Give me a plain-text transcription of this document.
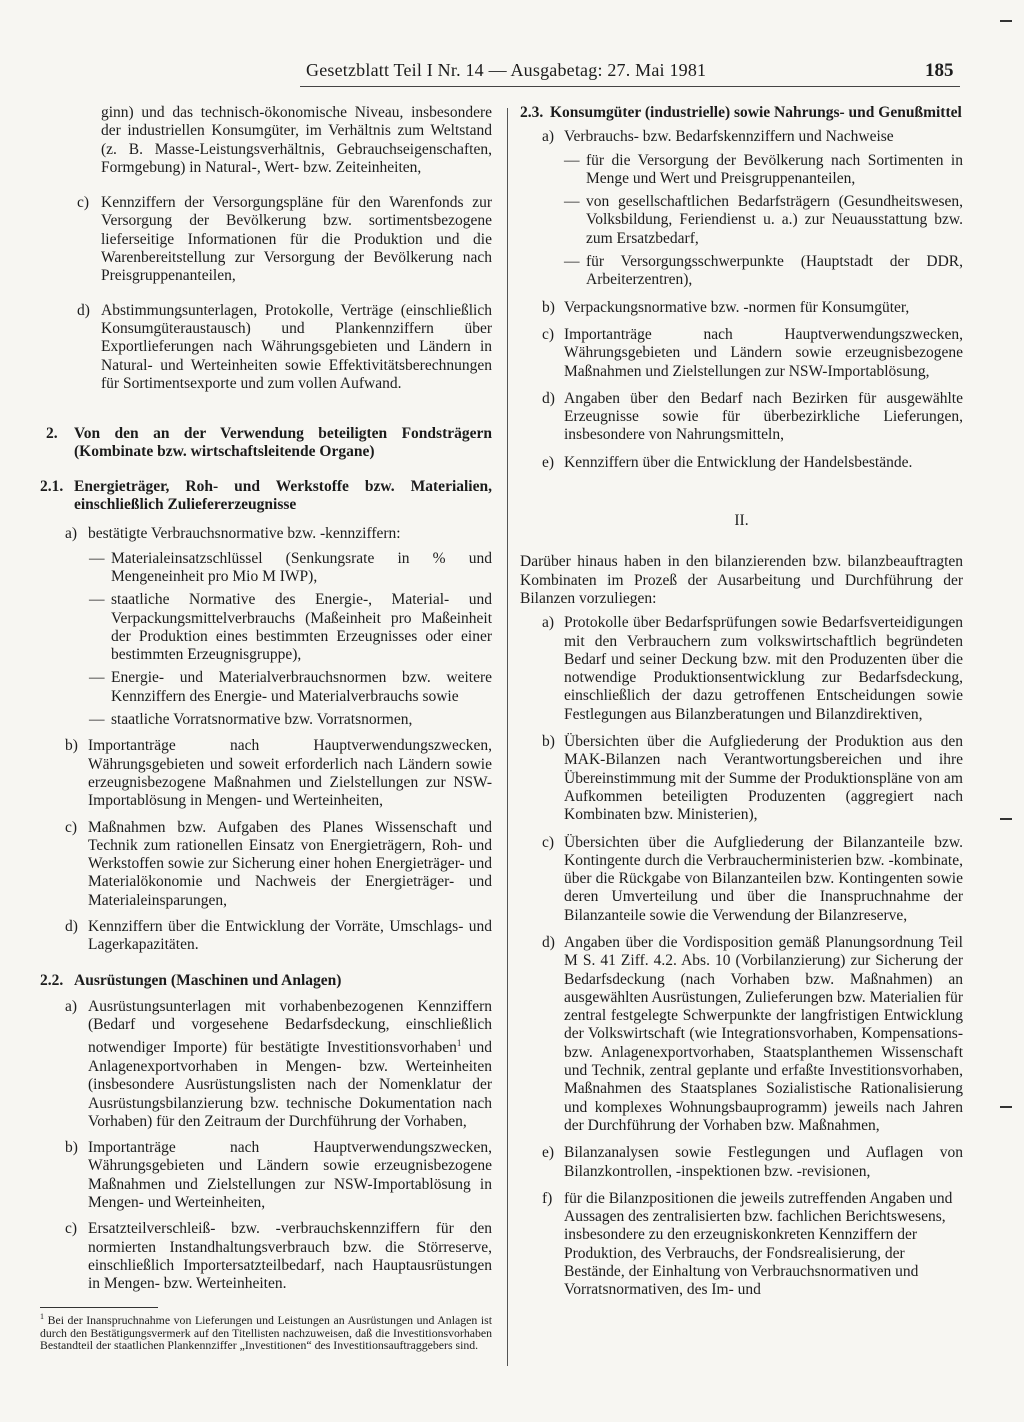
Gesetzblatt Teil I Nr. 14 — Ausgabetag: 27. Mai 1981	185

ginn) und das technisch-ökonomische Niveau, insbesondere der industriellen Konsumgüter, im Verhältnis zum Weltstand (z. B. Masse-Leistungsverhältnis, Gebrauchseigenschaften, Formgebung) in Natural-, Wert- bzw. Zeiteinheiten,

c) Kennziffern der Versorgungspläne für den Warenfonds zur Versorgung der Bevölkerung bzw. sortimentsbezogene lieferseitige Informationen für die Produktion und die Warenbereitstellung zur Versorgung der Bevölkerung nach Preisgruppenanteilen,
d) Abstimmungsunterlagen, Protokolle, Verträge (einschließlich Konsumgüteraustausch) und Plankennziffern über Exportlieferungen nach Währungsgebieten und Ländern in Natural- und Werteinheiten sowie Effektivitätsberechnungen für Sortimentsexporte und zum vollen Aufwand.
2.	Von den an der Verwendung beteiligten Fondsträgern (Kombinate bzw. wirtschaftsleitende Organe)
2.1. Energieträger, Roh- und Werkstoffe bzw. Materialien, einschließlich Zuliefererzeugnisse
a) bestätigte Verbrauchsnormative bzw. -kennziffern:
— Materialeinsatzschlüssel (Senkungsrate in % und Mengeneinheit pro Mio M IWP),
— staatliche Normative des Energie-, Material- und Verpackungsmittelverbrauchs (Maßeinheit pro Maßeinheit der Produktion eines bestimmten Erzeugnisses oder einer bestimmten Erzeugnisgruppe),
— Energie- und Materialverbrauchsnormen bzw. weitere Kennziffern des Energie- und Materialverbrauchs sowie
— staatliche Vorratsnormative bzw. Vorratsnormen,
b) Importanträge nach Hauptverwendungszwecken, Währungsgebieten und soweit erforderlich nach Ländern sowie erzeugnisbezogene Maßnahmen und Zielstellungen zur NSW-Importablösung in Mengen- und Werteinheiten,
c) Maßnahmen bzw. Aufgaben des Planes Wissenschaft und Technik zum rationellen Einsatz von Energieträgern, Roh- und Werkstoffen sowie zur Sicherung einer hohen Energieträger- und Materialökonomie und Nachweis der Energieträger- und Materialeinsparungen,
d) Kennziffern über die Entwicklung der Vorräte, Umschlags- und Lagerkapazitäten.
2.2. Ausrüstungen (Maschinen und Anlagen)
a) Ausrüstungsunterlagen mit vorhabenbezogenen Kennziffern (Bedarf und vorgesehene Bedarfsdeckung, einschließlich notwendiger Importe) für bestätigte Investitionsvorhaben$^1$ und Anlagenexportvorhaben in Mengen- bzw. Werteinheiten (insbesondere Ausrüstungslisten nach der Nomenklatur der Ausrüstungsbilanzierung bzw. technische Dokumentation nach Vorhaben) für den Zeitraum der Durchführung der Vorhaben,
b) Importanträge nach Hauptverwendungszwecken, Währungsgebieten und Ländern sowie erzeugnisbezogene Maßnahmen und Zielstellungen zur NSW-Importablösung in Mengen- und Werteinheiten,
c) Ersatzteilverschleiß- bzw. -verbrauchskennziffern für den normierten Instandhaltungsverbrauch bzw. die Störreserve, einschließlich Importersatzteilbedarf, nach Hauptausrüstungen in Mengen- bzw. Werteinheiten.

$^1$ Bei der Inanspruchnahme von Lieferungen und Leistungen an Ausrüstungen und Anlagen ist durch den Bestätigungsvermerk auf den Titellisten nachzuweisen, daß die Investitionsvorhaben Bestandteil der staatlichen Plankennziffer „Investitionen“ des Investitionsauftraggebers sind.

2.3. Konsumgüter (industrielle) sowie Nahrungs- und Genußmittel
a) Verbrauchs- bzw. Bedarfskennziffern und Nachweise
— für die Versorgung der Bevölkerung nach Sortimenten in Menge und Wert und Preisgruppenanteilen,
— von gesellschaftlichen Bedarfsträgern (Gesundheitswesen, Volksbildung, Feriendienst u. a.) zur Neuausstattung bzw. zum Ersatzbedarf,
— für Versorgungsschwerpunkte (Hauptstadt der DDR, Arbeiterzentren),
b) Verpackungsnormative bzw. -normen für Konsumgüter,
c) Importanträge nach Hauptverwendungszwecken, Währungsgebieten und Ländern sowie erzeugnisbezogene Maßnahmen und Zielstellungen zur NSW-Importablösung,
d) Angaben über den Bedarf nach Bezirken für ausgewählte Erzeugnisse sowie für überbezirkliche Lieferungen, insbesondere von Nahrungsmitteln,
e) Kennziffern über die Entwicklung der Handelsbestände.

II.

Darüber hinaus haben in den bilanzierenden bzw. bilanzbeauftragten Kombinaten im Prozeß der Ausarbeitung und Durchführung der Bilanzen vorzuliegen:

a) Protokolle über Bedarfsprüfungen sowie Bedarfsverteidigungen mit den Verbrauchern zum volkswirtschaftlich begründeten Bedarf und seiner Deckung bzw. mit den Produzenten über die notwendige Produktionsentwicklung zur Bedarfsdeckung, einschließlich der dazu getroffenen Entscheidungen sowie Festlegungen aus Bilanzberatungen und Bilanzdirektiven,
b) Übersichten über die Aufgliederung der Produktion aus den MAK-Bilanzen nach Verantwortungsbereichen und ihre Übereinstimmung mit der Summe der Produktionspläne von am Aufkommen beteiligten Produzenten (aggregiert nach Kombinaten bzw. Ministerien),
c) Übersichten über die Aufgliederung der Bilanzanteile bzw. Kontingente durch die Verbraucherministerien bzw. -kombinate, über die Rückgabe von Bilanzanteilen bzw. Kontingenten sowie deren Umverteilung und über die Inanspruchnahme der Bilanzanteile sowie die Verwendung der Bilanzreserve,
d) Angaben über die Vordisposition gemäß Planungsordnung Teil M S. 41 Ziff. 4.2. Abs. 10 (Vorbilanzierung) zur Sicherung der Bedarfsdeckung (nach Vorhaben bzw. Maßnahmen) an ausgewählten Ausrüstungen, Zulieferungen bzw. Materialien für zentral festgelegte Schwerpunkte der langfristigen Entwicklung der Volkswirtschaft (wie Integrationsvorhaben, Kompensations- bzw. Anlagenexportvorhaben, Staatsplanthemen Wissenschaft und Technik, zentral geplante und erfaßte Investitionsvorhaben, Maßnahmen des Staatsplanes Sozialistische Rationalisierung und komplexes Wohnungsbauprogramm) jeweils nach Jahren der Durchführung der Vorhaben bzw. Maßnahmen,
e) Bilanzanalysen sowie Festlegungen und Auflagen von Bilanzkontrollen, -inspektionen bzw. -revisionen,
f) für die Bilanzpositionen die jeweils zutreffenden Angaben und Aussagen des zentralisierten bzw. fachlichen Berichtswesens, insbesondere zu den erzeugniskonkreten Kennziffern der Produktion, des Verbrauchs, der Fondsrealisierung, der Bestände, der Einhaltung von Verbrauchsnormativen und Vorratsnormativen, des Im- und
